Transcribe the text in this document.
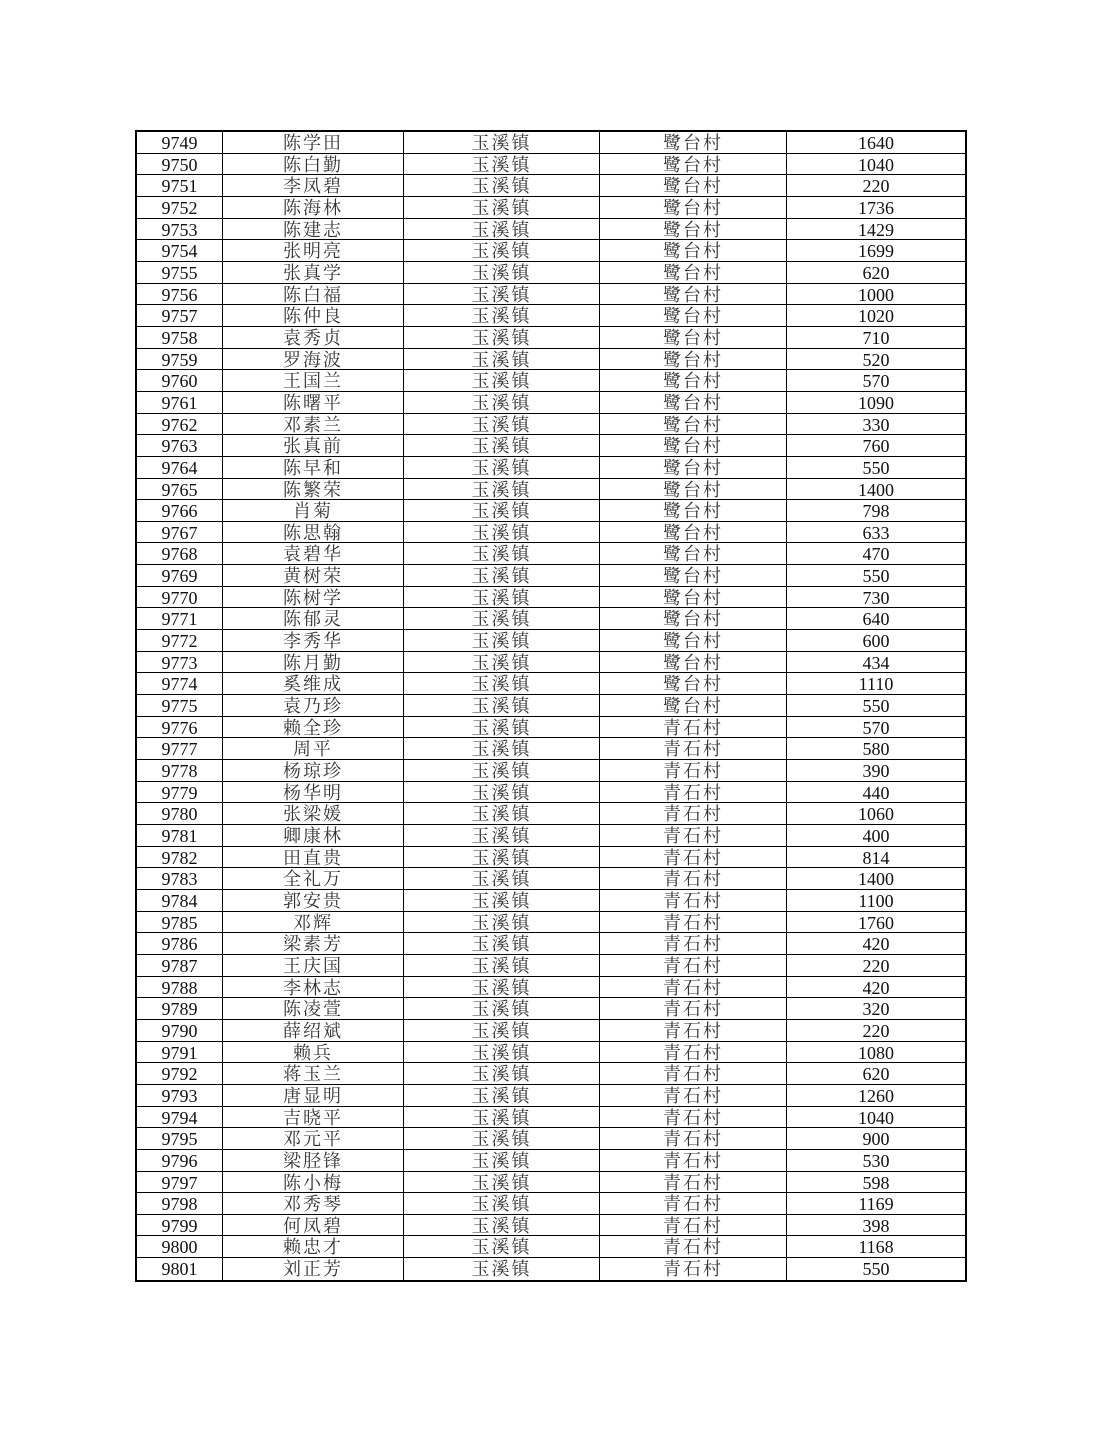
9749	陈学田	玉溪镇	鹭台村	1640
9750	陈白勤	玉溪镇	鹭台村	1040
9751	李凤碧	玉溪镇	鹭台村	220
9752	陈海林	玉溪镇	鹭台村	1736
9753	陈建志	玉溪镇	鹭台村	1429
9754	张明亮	玉溪镇	鹭台村	1699
9755	张真学	玉溪镇	鹭台村	620
9756	陈白福	玉溪镇	鹭台村	1000
9757	陈仲良	玉溪镇	鹭台村	1020
9758	袁秀贞	玉溪镇	鹭台村	710
9759	罗海波	玉溪镇	鹭台村	520
9760	王国兰	玉溪镇	鹭台村	570
9761	陈曙平	玉溪镇	鹭台村	1090
9762	邓素兰	玉溪镇	鹭台村	330
9763	张真前	玉溪镇	鹭台村	760
9764	陈早和	玉溪镇	鹭台村	550
9765	陈繁荣	玉溪镇	鹭台村	1400
9766	肖菊	玉溪镇	鹭台村	798
9767	陈思翰	玉溪镇	鹭台村	633
9768	袁碧华	玉溪镇	鹭台村	470
9769	黄树荣	玉溪镇	鹭台村	550
9770	陈树学	玉溪镇	鹭台村	730
9771	陈郁灵	玉溪镇	鹭台村	640
9772	李秀华	玉溪镇	鹭台村	600
9773	陈月勤	玉溪镇	鹭台村	434
9774	奚维成	玉溪镇	鹭台村	1110
9775	袁乃珍	玉溪镇	鹭台村	550
9776	赖全珍	玉溪镇	青石村	570
9777	周平	玉溪镇	青石村	580
9778	杨琼珍	玉溪镇	青石村	390
9779	杨华明	玉溪镇	青石村	440
9780	张梁媛	玉溪镇	青石村	1060
9781	卿康林	玉溪镇	青石村	400
9782	田直贵	玉溪镇	青石村	814
9783	全礼万	玉溪镇	青石村	1400
9784	郭安贵	玉溪镇	青石村	1100
9785	邓辉	玉溪镇	青石村	1760
9786	梁素芳	玉溪镇	青石村	420
9787	王庆国	玉溪镇	青石村	220
9788	李林志	玉溪镇	青石村	420
9789	陈凌萱	玉溪镇	青石村	320
9790	薛绍斌	玉溪镇	青石村	220
9791	赖兵	玉溪镇	青石村	1080
9792	蒋玉兰	玉溪镇	青石村	620
9793	唐显明	玉溪镇	青石村	1260
9794	吉晓平	玉溪镇	青石村	1040
9795	邓元平	玉溪镇	青石村	900
9796	梁胫锋	玉溪镇	青石村	530
9797	陈小梅	玉溪镇	青石村	598
9798	邓秀琴	玉溪镇	青石村	1169
9799	何凤碧	玉溪镇	青石村	398
9800	赖忠才	玉溪镇	青石村	1168
9801	刘正芳	玉溪镇	青石村	550
